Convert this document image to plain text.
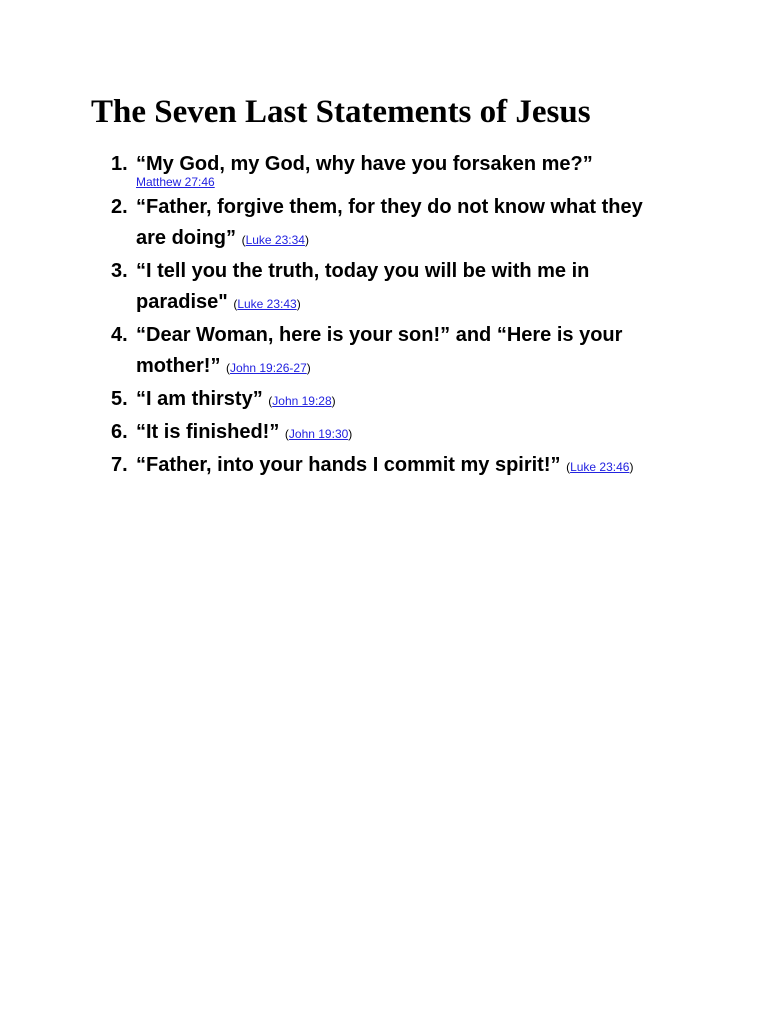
The Seven Last Statements of Jesus
1. “My God, my God, why have you forsaken me?”
Matthew 27:46
2. “Father, forgive them, for they do not know what they are doing” (Luke 23:34)
3. “I tell you the truth, today you will be with me in paradise" (Luke 23:43)
4. “Dear Woman, here is your son!” and “Here is your mother!” (John 19:26-27)
5. “I am thirsty” (John 19:28)
6. “It is finished!” (John 19:30)
7. “Father, into your hands I commit my spirit!” (Luke 23:46)
